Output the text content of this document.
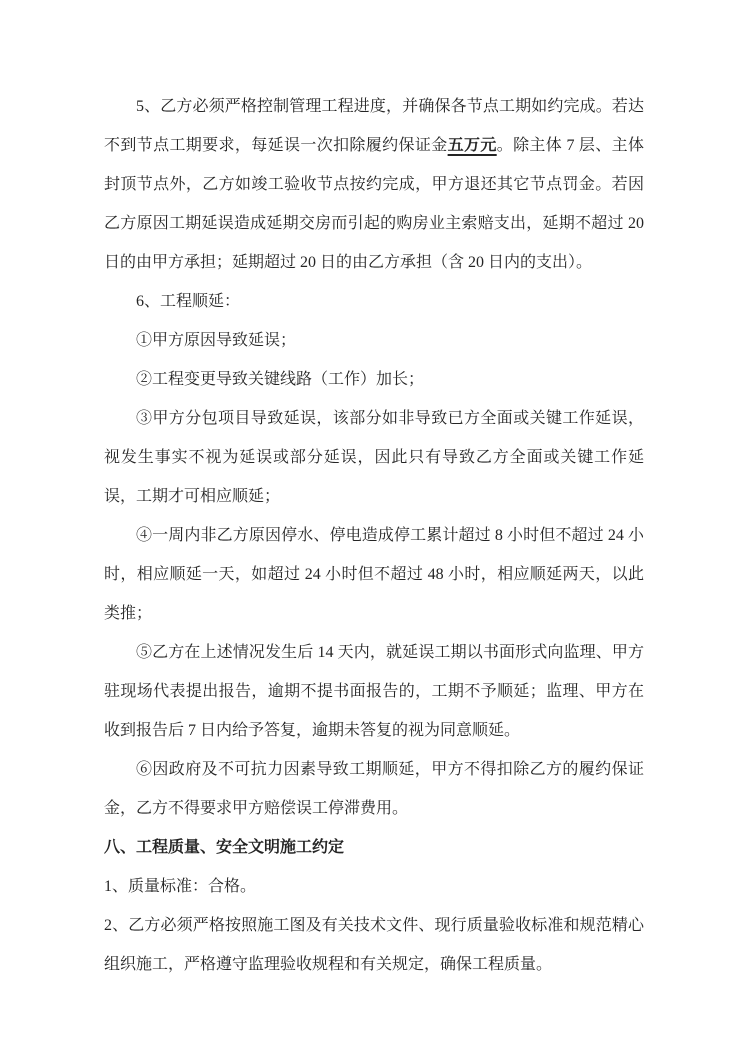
5、乙方必须严格控制管理工程进度，并确保各节点工期如约完成。若达不到节点工期要求，每延误一次扣除履约保证金五万元。除主体 7 层、主体封顶节点外，乙方如竣工验收节点按约完成，甲方退还其它节点罚金。若因乙方原因工期延误造成延期交房而引起的购房业主索赔支出，延期不超过 20 日的由甲方承担；延期超过 20 日的由乙方承担（含 20 日内的支出）。

6、工程顺延：

①甲方原因导致延误；

②工程变更导致关键线路（工作）加长；

③甲方分包项目导致延误，该部分如非导致已方全面或关键工作延误，视发生事实不视为延误或部分延误，因此只有导致乙方全面或关键工作延误，工期才可相应顺延；

④一周内非乙方原因停水、停电造成停工累计超过 8 小时但不超过 24 小时，相应顺延一天，如超过 24 小时但不超过 48 小时，相应顺延两天，以此类推；

⑤乙方在上述情况发生后 14 天内，就延误工期以书面形式向监理、甲方驻现场代表提出报告，逾期不提书面报告的，工期不予顺延；监理、甲方在收到报告后 7 日内给予答复，逾期未答复的视为同意顺延。

⑥因政府及不可抗力因素导致工期顺延，甲方不得扣除乙方的履约保证金，乙方不得要求甲方赔偿误工停滞费用。

八、工程质量、安全文明施工约定

1、质量标准：合格。

2、乙方必须严格按照施工图及有关技术文件、现行质量验收标准和规范精心组织施工，严格遵守监理验收规程和有关规定，确保工程质量。
